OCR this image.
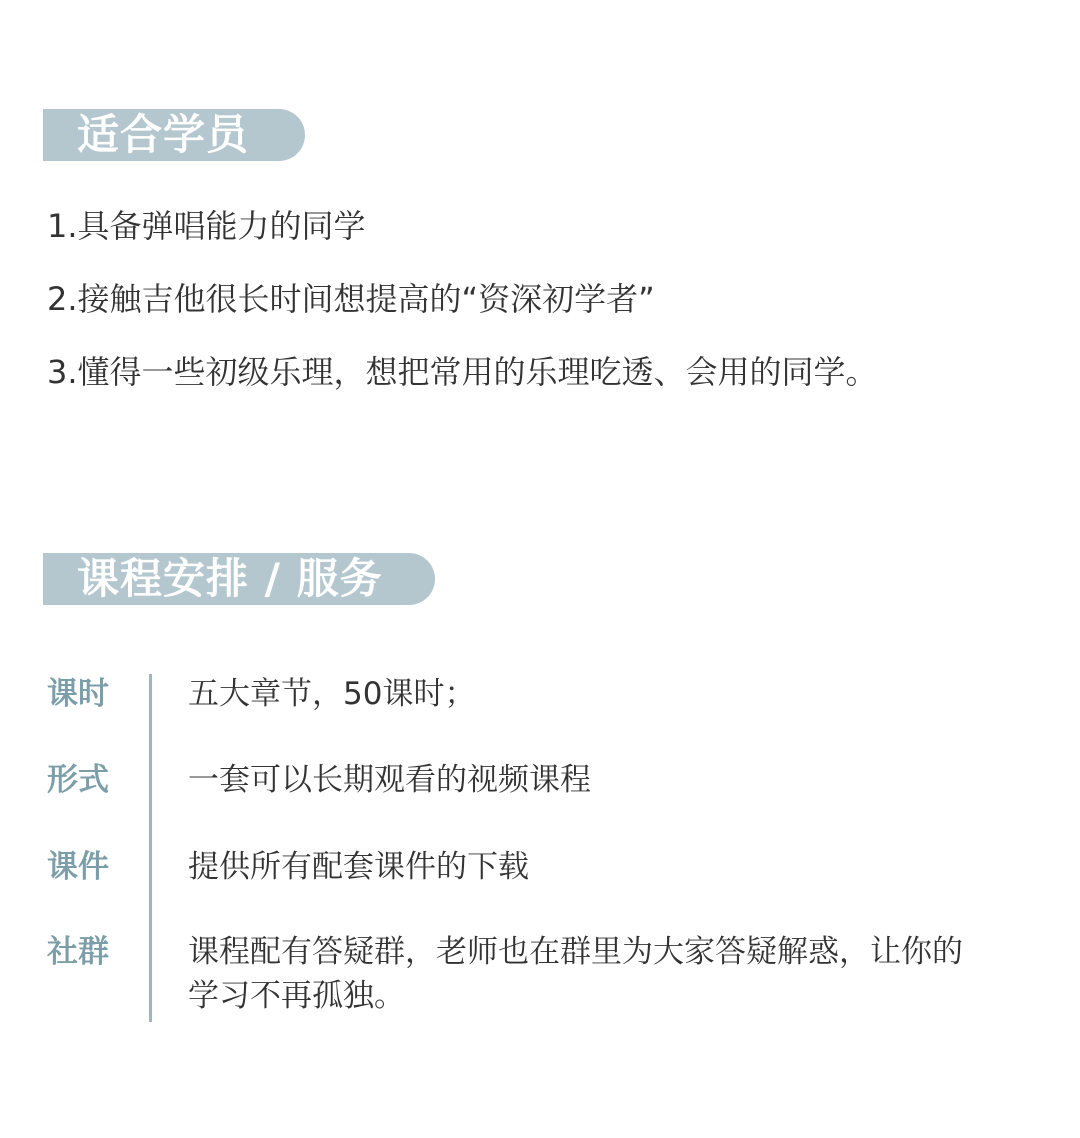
适合学员
1.具备弹唱能力的同学
2.接触吉他很长时间想提高的“资深初学者”
3.懂得一些初级乐理，想把常用的乐理吃透、会用的同学。
课程安排 / 服务
课时	五大章节，50课时；
形式	一套可以长期观看的视频课程
课件	提供所有配套课件的下载
社群	课程配有答疑群，老师也在群里为大家答疑解惑，让你的学习不再孤独。
